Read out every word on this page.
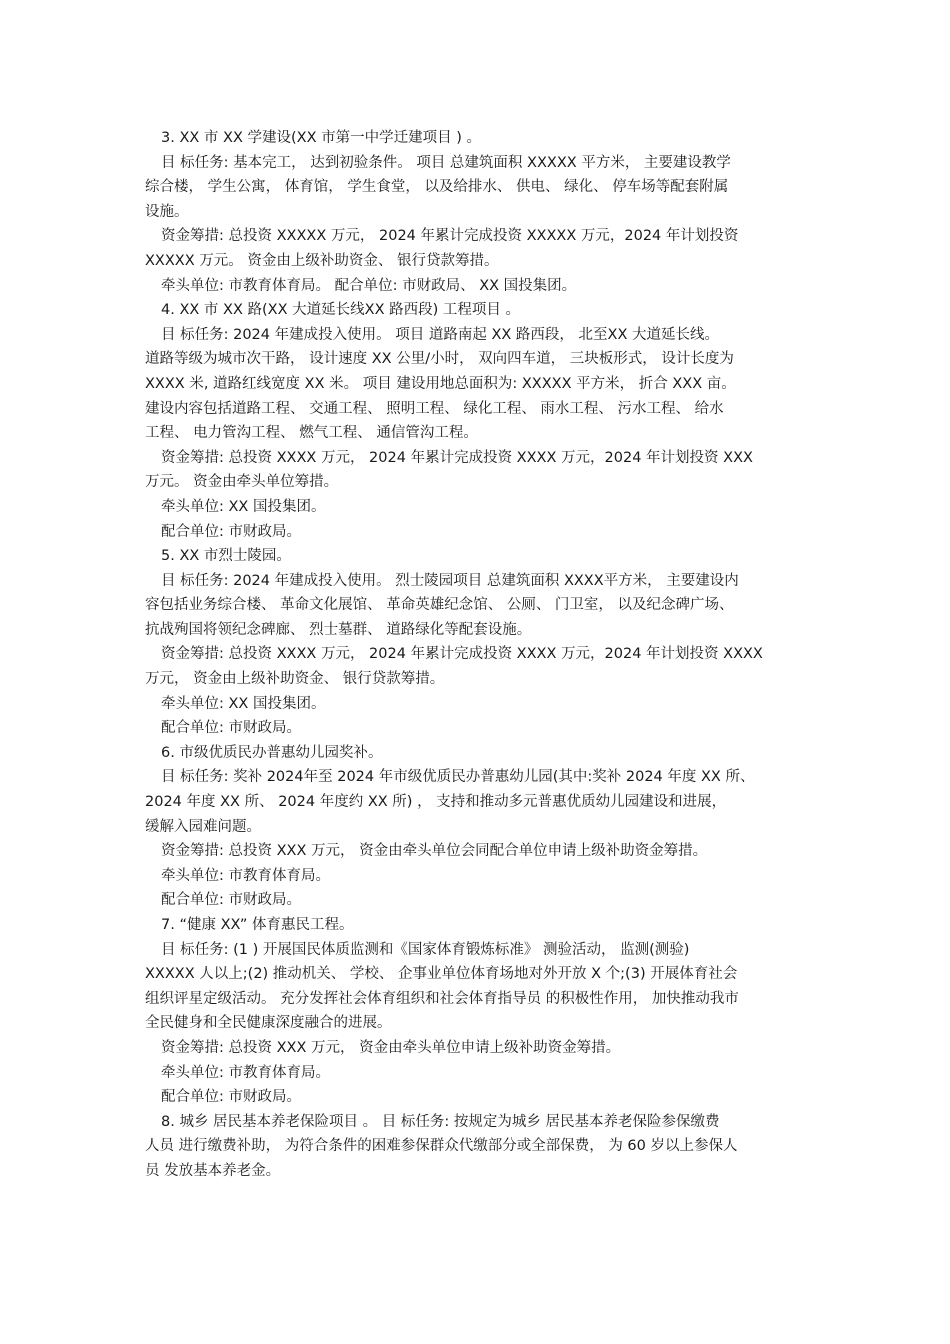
3. XX 市 XX 学建设(XX 市第一中学迁建项目 ) 。
目 标任务: 基本完工， 达到初验条件。 项目 总建筑面积 XXXXX 平方米， 主要建设教学
综合楼， 学生公寓， 体育馆， 学生食堂， 以及给排水、 供电、 绿化、 停车场等配套附属
设施。
资金筹措: 总投资 XXXXX 万元， 2024 年累计完成投资 XXXXX 万元，2024 年计划投资
XXXXX 万元。 资金由上级补助资金、 银行贷款筹措。
牵头单位: 市教育体育局。 配合单位: 市财政局、 XX 国投集团。
4. XX 市 XX 路(XX 大道延长线XX 路西段) 工程项目 。
目 标任务: 2024 年建成投入使用。 项目 道路南起 XX 路西段， 北至XX 大道延长线。
道路等级为城市次干路， 设计速度 XX 公里/小时， 双向四车道， 三块板形式， 设计长度为
XXXX 米, 道路红线宽度 XX 米。 项目 建设用地总面积为: XXXXX 平方米， 折合 XXX 亩。
建设内容包括道路工程、 交通工程、 照明工程、 绿化工程、 雨水工程、 污水工程、 给水
工程、 电力管沟工程、 燃气工程、 通信管沟工程。
资金筹措: 总投资 XXXX 万元， 2024 年累计完成投资 XXXX 万元，2024 年计划投资 XXX
万元。 资金由牵头单位筹措。
牵头单位: XX 国投集团。
配合单位: 市财政局。
5. XX 市烈士陵园。
目 标任务: 2024 年建成投入使用。 烈士陵园项目 总建筑面积 XXXX平方米， 主要建设内
容包括业务综合楼、 革命文化展馆、 革命英雄纪念馆、 公厕、 门卫室， 以及纪念碑广场、
抗战殉国将领纪念碑廊、 烈士墓群、 道路绿化等配套设施。
资金筹措: 总投资 XXXX 万元， 2024 年累计完成投资 XXXX 万元，2024 年计划投资 XXXX
万元， 资金由上级补助资金、 银行贷款筹措。
牵头单位: XX 国投集团。
配合单位: 市财政局。
6. 市级优质民办普惠幼儿园奖补。
目 标任务: 奖补 2024年至 2024 年市级优质民办普惠幼儿园(其中:奖补 2024 年度 XX 所、
2024 年度 XX 所、 2024 年度约 XX 所) ， 支持和推动多元普惠优质幼儿园建设和进展，
缓解入园难问题。
资金筹措: 总投资 XXX 万元， 资金由牵头单位会同配合单位申请上级补助资金筹措。
牵头单位: 市教育体育局。
配合单位: 市财政局。
7. “健康 XX” 体育惠民工程。
目 标任务: (1 ) 开展国民体质监测和《国家体育锻炼标准》 测验活动， 监测(测验)
XXXXX 人以上;(2) 推动机关、 学校、 企事业单位体育场地对外开放 X 个;(3) 开展体育社会
组织评星定级活动。 充分发挥社会体育组织和社会体育指导员 的积极性作用， 加快推动我市
全民健身和全民健康深度融合的进展。
资金筹措: 总投资 XXX 万元， 资金由牵头单位申请上级补助资金筹措。
牵头单位: 市教育体育局。
配合单位: 市财政局。
8. 城乡 居民基本养老保险项目 。 目 标任务: 按规定为城乡 居民基本养老保险参保缴费
人员 进行缴费补助， 为符合条件的困难参保群众代缴部分或全部保费， 为 60 岁以上参保人
员 发放基本养老金。
